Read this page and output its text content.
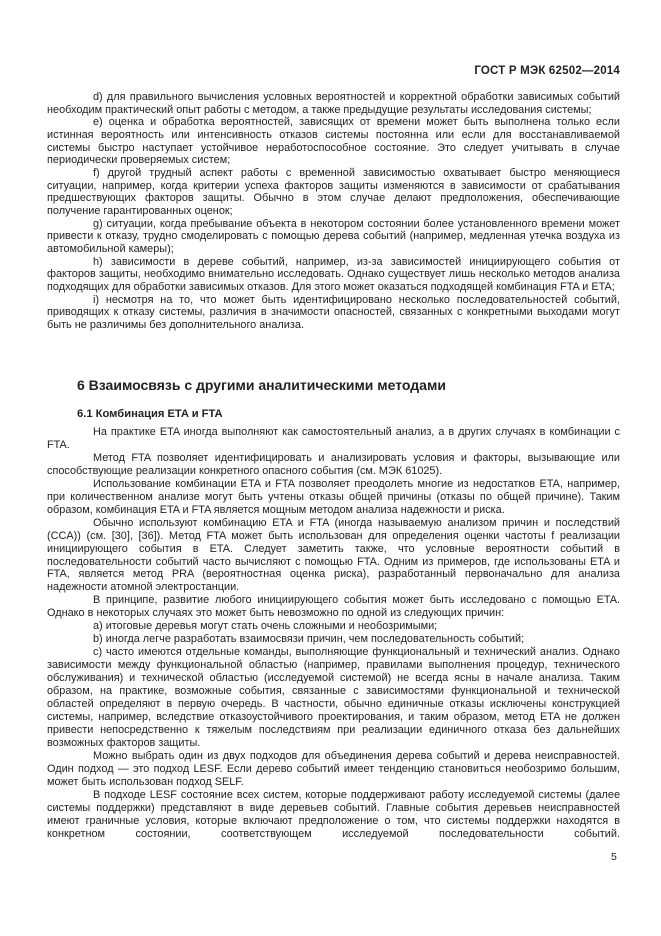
ГОСТ Р МЭК 62502—2014

d) для правильного вычисления условных вероятностей и корректной обработки зависимых событий необходим практический опыт работы с методом, а также предыдущие результаты исследования системы;

e) оценка и обработка вероятностей, зависящих от времени может быть выполнена только если истинная вероятность или интенсивность отказов системы постоянна или если для восстанавливаемой системы быстро наступает устойчивое неработоспособное состояние. Это следует учитывать в случае периодически проверяемых систем;

f) другой трудный аспект работы с временной зависимостью охватывает быстро меняющиеся ситуации, например, когда критерии успеха факторов защиты изменяются в зависимости от срабатывания предшествующих факторов защиты. Обычно в этом случае делают предположения, обеспечивающие получение гарантированных оценок;

g) ситуации, когда пребывание объекта в некотором состоянии более установленного времени может привести к отказу, трудно смоделировать с помощью дерева событий (например, медленная утечка воздуха из автомобильной камеры);

h) зависимости в дереве событий, например, из-за зависимостей инициирующего события от факторов защиты, необходимо внимательно исследовать. Однако существует лишь несколько методов анализа подходящих для обработки зависимых отказов. Для этого может оказаться подходящей комбинация FTA и ETA;

i) несмотря на то, что может быть идентифицировано несколько последовательностей событий, приводящих к отказу системы, различия в значимости опасностей, связанных с конкретными выходами могут быть не различимы без дополнительного анализа.

6 Взаимосвязь с другими аналитическими методами
6.1 Комбинация ETA и FTA

На практике ETA иногда выполняют как самостоятельный анализ, а в других случаях в комбинации с FTA.

Метод FTA позволяет идентифицировать и анализировать условия и факторы, вызывающие или способствующие реализации конкретного опасного события (см. МЭК 61025).

Использование комбинации ETA и FTA позволяет преодолеть многие из недостатков ETA, например, при количественном анализе могут быть учтены отказы общей причины (отказы по общей причине). Таким образом, комбинация ETA и FTA является мощным методом анализа надежности и риска.

Обычно используют комбинацию ETA и FTA (иногда называемую анализом причин и последствий (CCA)) (см. [30], [36]). Метод FTA может быть использован для определения оценки частоты f реализации инициирующего события в ETA. Следует заметить также, что условные вероятности событий в последовательности событий часто вычисляют с помощью FTA. Одним из примеров, где использованы ETA и FTA, является метод PRA (вероятностная оценка риска), разработанный первоначально для анализа надежности атомной электростанции.

В принципе, развитие любого инициирующего события может быть исследовано с помощью ETA. Однако в некоторых случаях это может быть невозможно по одной из следующих причин:

a) итоговые деревья могут стать очень сложными и необозримыми;

b) иногда легче разработать взаимосвязи причин, чем последовательность событий;

c) часто имеются отдельные команды, выполняющие функциональный и технический анализ. Однако зависимости между функциональной областью (например, правилами выполнения процедур, технического обслуживания) и технической областью (исследуемой системой) не всегда ясны в начале анализа. Таким образом, на практике, возможные события, связанные с зависимостями функциональной и технической областей определяют в первую очередь. В частности, обычно единичные отказы исключены конструкцией системы, например, вследствие отказоустойчивого проектирования, и таким образом, метод ETA не должен привести непосредственно к тяжелым последствиям при реализации единичного отказа без дальнейших возможных факторов защиты.

Можно выбрать один из двух подходов для объединения дерева событий и дерева неисправностей. Один подход — это подход LESF. Если дерево событий имеет тенденцию становиться необозримо большим, может быть использован подход SELF.

В подходе LESF состояние всех систем, которые поддерживают работу исследуемой системы (далее системы поддержки) представляют в виде деревьев событий. Главные события деревьев неисправностей имеют граничные условия, которые включают предположение о том, что системы поддержки находятся в конкретном состоянии, соответствующем исследуемой последовательности событий.

5
